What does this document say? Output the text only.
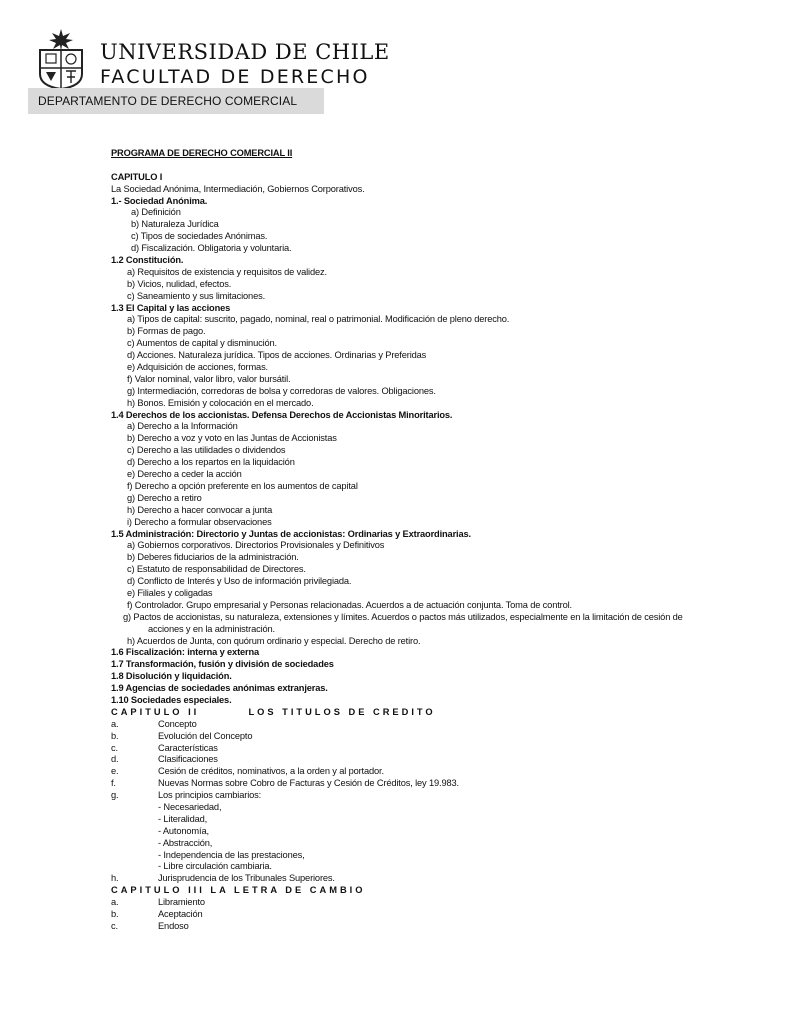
UNIVERSIDAD DE CHILE
FACULTAD DE DERECHO
DEPARTAMENTO DE DERECHO COMERCIAL
PROGRAMA DE DERECHO COMERCIAL II
CAPITULO I
La Sociedad Anónima, Intermediación, Gobiernos Corporativos.
1.- Sociedad Anónima.
a) Definición
b) Naturaleza Jurídica
c) Tipos de sociedades Anónimas.
d) Fiscalización. Obligatoria y voluntaria.
1.2 Constitución.
a) Requisitos de existencia y requisitos de validez.
b) Vicios, nulidad, efectos.
c) Saneamiento y sus limitaciones.
1.3 El Capital y las acciones
a) Tipos de capital: suscrito, pagado, nominal, real o patrimonial. Modificación de pleno derecho.
b) Formas de pago.
c) Aumentos de capital y disminución.
d) Acciones. Naturaleza jurídica. Tipos de acciones. Ordinarias y Preferidas
e) Adquisición de acciones, formas.
f) Valor nominal, valor libro, valor bursátil.
g) Intermediación, corredoras de bolsa y corredoras de valores. Obligaciones.
h) Bonos. Emisión y colocación en el mercado.
1.4 Derechos de los accionistas. Defensa Derechos de Accionistas Minoritarios.
a) Derecho a la Información
b) Derecho a voz y voto en las Juntas de Accionistas
c) Derecho a las utilidades o dividendos
d) Derecho a los repartos en la liquidación
e) Derecho a ceder la acción
f) Derecho a opción preferente en los aumentos de capital
g) Derecho a retiro
h) Derecho a hacer convocar a junta
i) Derecho a formular observaciones
1.5 Administración: Directorio y Juntas de accionistas: Ordinarias y Extraordinarias.
a) Gobiernos corporativos. Directorios Provisionales y Definitivos
b) Deberes fiduciarios de la administración.
c) Estatuto de responsabilidad de Directores.
d) Conflicto de Interés y Uso de información privilegiada.
e) Filiales y coligadas
f) Controlador. Grupo empresarial y Personas relacionadas. Acuerdos a de actuación conjunta. Toma de control.
g) Pactos de accionistas, su naturaleza, extensiones y límites. Acuerdos o pactos más utilizados, especialmente en la limitación de cesión de
acciones y en la administración.
h) Acuerdos de Junta, con quórum ordinario y especial. Derecho de retiro.
1.6 Fiscalización: interna y externa
1.7 Transformación, fusión y división de sociedades
1.8 Disolución y liquidación.
1.9 Agencias de sociedades anónimas extranjeras.
1.10 Sociedades especiales.
CAPITULO II	LOS TITULOS DE CREDITO
a.	Concepto
b.	Evolución del Concepto
c.	Características
d.	Clasificaciones
e.	Cesión de créditos, nominativos, a la orden y al portador.
f.	Nuevas Normas sobre Cobro de Facturas y Cesión de Créditos, ley 19.983.
g.	Los principios cambiarios:
- Necesariedad,
- Literalidad,
- Autonomía,
- Abstracción,
- Independencia de las prestaciones,
- Libre circulación cambiaria.
h.	Jurisprudencia de los Tribunales Superiores.
CAPITULO III LA LETRA DE CAMBIO
a.	Libramiento
b.	Aceptación
c.	Endoso
